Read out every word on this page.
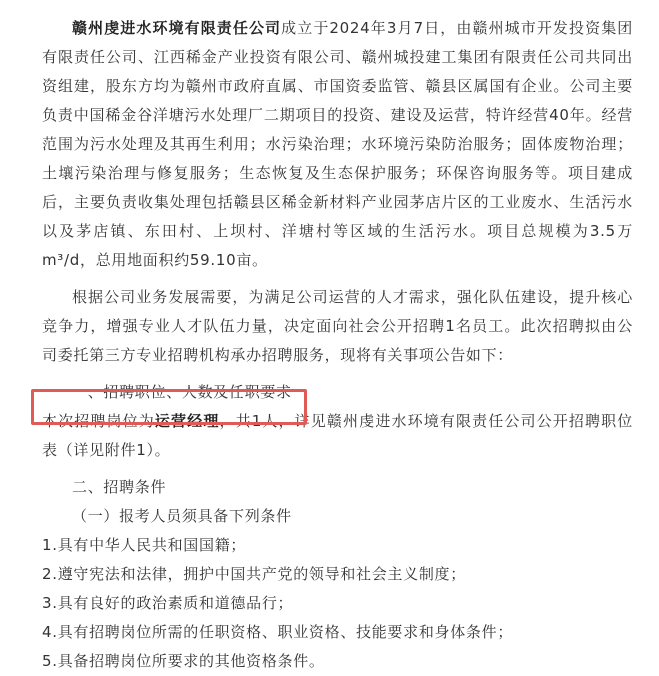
赣州虔进水环境有限责任公司成立于2024年3月7日，由赣州城市开发投资集团有限责任公司、江西稀金产业投资有限公司、赣州城投建工集团有限责任公司共同出资组建，股东方均为赣州市政府直属、市国资委监管、赣县区属国有企业。公司主要负责中国稀金谷洋塘污水处理厂二期项目的投资、建设及运营，特许经营40年。经营范围为污水处理及其再生利用；水污染治理；水环境污染防治服务；固体废物治理；土壤污染治理与修复服务；生态恢复及生态保护服务；环保咨询服务等。项目建成后，主要负责收集处理包括赣县区稀金新材料产业园茅店片区的工业废水、生活污水以及茅店镇、东田村、上坝村、洋塘村等区域的生活污水。项目总规模为3.5万m³/d，总用地面积约59.10亩。

根据公司业务发展需要，为满足公司运营的人才需求，强化队伍建设，提升核心竞争力，增强专业人才队伍力量，决定面向社会公开招聘1名员工。此次招聘拟由公司委托第三方专业招聘机构承办招聘服务，现将有关事项公告如下：

一、招聘职位、人数及任职要求

本次招聘岗位为运营经理，共1人，详见赣州虔进水环境有限责任公司公开招聘职位表（详见附件1）。

二、招聘条件

（一）报考人员须具备下列条件

1.具有中华人民共和国国籍；

2.遵守宪法和法律，拥护中国共产党的领导和社会主义制度；

3.具有良好的政治素质和道德品行；

4.具有招聘岗位所需的任职资格、职业资格、技能要求和身体条件；

5.具备招聘岗位所要求的其他资格条件。
